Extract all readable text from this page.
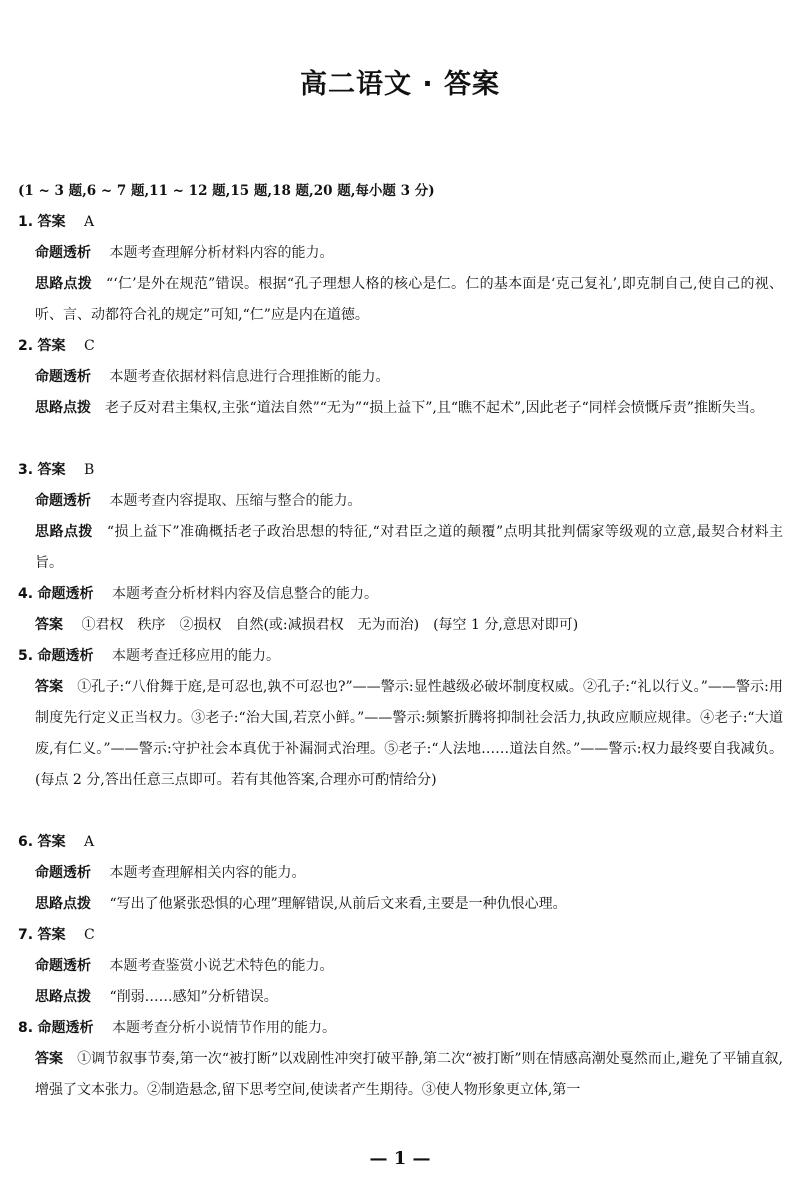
高二语文 · 答案
(1 ~ 3 题,6 ~ 7 题,11 ~ 12 题,15 题,18 题,20 题,每小题 3 分)
1. 答案 A
命题透析 本题考查理解分析材料内容的能力。
思路点拨 “‘仁’是外在规范”错误。根据“孔子理想人格的核心是仁。仁的基本面是‘克己复礼’,即克制自己,使自己的视、听、言、动都符合礼的规定”可知,“仁”应是内在道德。
2. 答案 C
命题透析 本题考查依据材料信息进行合理推断的能力。
思路点拨 老子反对君主集权,主张“道法自然”“无为”“损上益下”,且“瞧不起术”,因此老子“同样会愤慨斥责”推断失当。
3. 答案 B
命题透析 本题考查内容提取、压缩与整合的能力。
思路点拨 “损上益下”准确概括老子政治思想的特征,“对君臣之道的颠覆”点明其批判儒家等级观的立意,最契合材料主旨。
4. 命题透析 本题考查分析材料内容及信息整合的能力。
答案 ①君权　秩序　②损权　自然(或:减损君权　无为而治)　(每空 1 分,意思对即可)
5. 命题透析 本题考查迁移应用的能力。
答案 ①孔子:“八佾舞于庭,是可忍也,孰不可忍也?”——警示:显性越级必破坏制度权威。②孔子:“礼以行义。”——警示:用制度先行定义正当权力。③老子:“治大国,若烹小鲜。”——警示:频繁折腾将抑制社会活力,执政应顺应规律。④老子:“大道废,有仁义。”——警示:守护社会本真优于补漏洞式治理。⑤老子:“人法地……道法自然。”——警示:权力最终要自我减负。(每点 2 分,答出任意三点即可。若有其他答案,合理亦可酌情给分)
6. 答案 A
命题透析 本题考查理解相关内容的能力。
思路点拨 “写出了他紧张恐惧的心理”理解错误,从前后文来看,主要是一种仇恨心理。
7. 答案 C
命题透析 本题考查鉴赏小说艺术特色的能力。
思路点拨 “削弱……感知”分析错误。
8. 命题透析 本题考查分析小说情节作用的能力。
答案 ①调节叙事节奏,第一次“被打断”以戏剧性冲突打破平静,第二次“被打断”则在情感高潮处戛然而止,避免了平铺直叙,增强了文本张力。②制造悬念,留下思考空间,使读者产生期待。③使人物形象更立体,第一
— 1 —
